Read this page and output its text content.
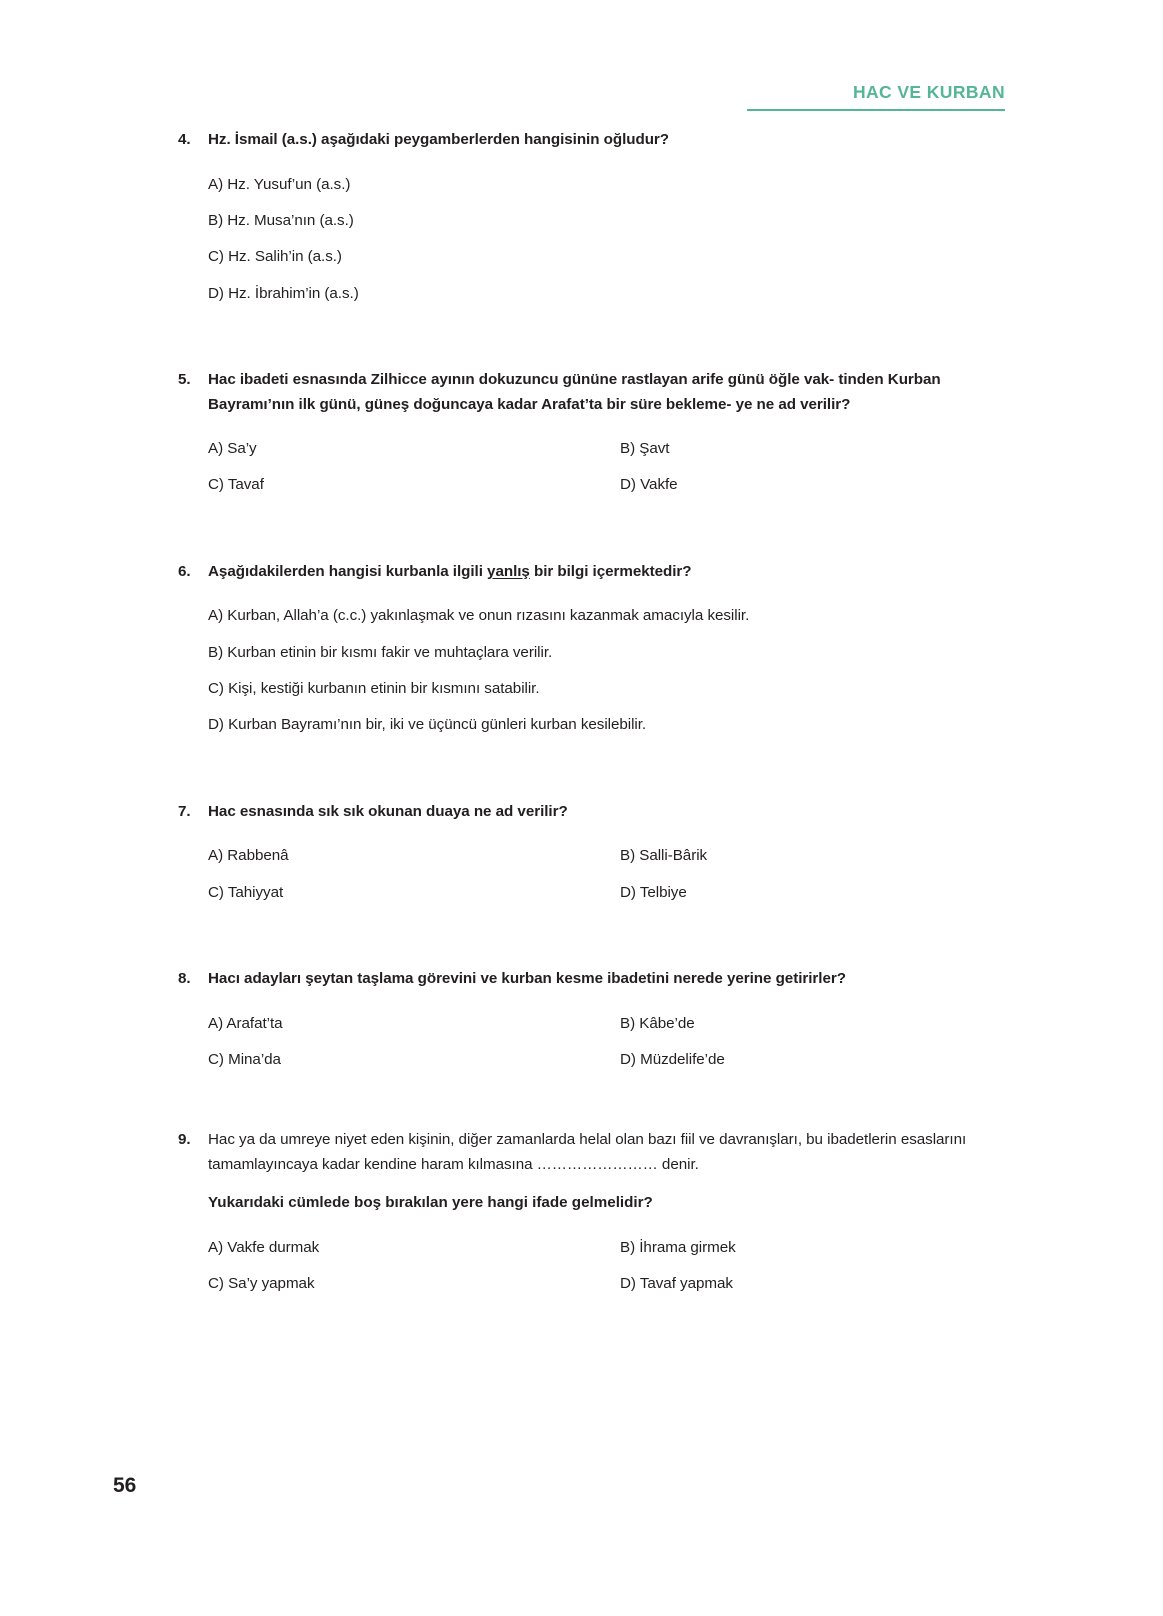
HAC VE KURBAN
4.	Hz. İsmail (a.s.) aşağıdaki peygamberlerden hangisinin oğludur?
A) Hz. Yusuf’un (a.s.)
B) Hz. Musa’nın (a.s.)
C) Hz. Salih’in (a.s.)
D) Hz. İbrahim’in (a.s.)
5.	Hac ibadeti esnasında Zilhicce ayının dokuzuncu gününe rastlayan arife günü öğle vak- tinden Kurban Bayramı’nın ilk günü, güneş doğuncaya kadar Arafat’ta bir süre bekleme- ye ne ad verilir?
A) Sa’y	B) Şavt
C) Tavaf	D) Vakfe
6.	Aşağıdakilerden hangisi kurbanla ilgili yanlış bir bilgi içermektedir?
A) Kurban, Allah’a (c.c.) yakınlaşmak ve onun rızasını kazanmak amacıyla kesilir.
B) Kurban etinin bir kısmı fakir ve muhtaçlara verilir.
C) Kişi, kestiği kurbanın etinin bir kısmını satabilir.
D) Kurban Bayramı’nın bir, iki ve üçüncü günleri kurban kesilebilir.
7.	Hac esnasında sık sık okunan duaya ne ad verilir?
A) Rabbenâ	B) Salli-Bârik
C) Tahiyyat	D) Telbiye
8.	Hacı adayları şeytan taşlama görevini ve kurban kesme ibadetini nerede yerine getirirler?
A) Arafat’ta	B) Kâbe’de
C) Mina’da	D) Müzdelife’de
9.	Hac ya da umreye niyet eden kişinin, diğer zamanlarda helal olan bazı fiil ve davranışları, bu ibadetlerin esaslarını tamamlayıncaya kadar kendine haram kılmasına …………………… denir.
Yukarıdaki cümlede boş bırakılan yere hangi ifade gelmelidir?
A) Vakfe durmak	B) İhrama girmek
C) Sa’y yapmak	D) Tavaf yapmak
56
